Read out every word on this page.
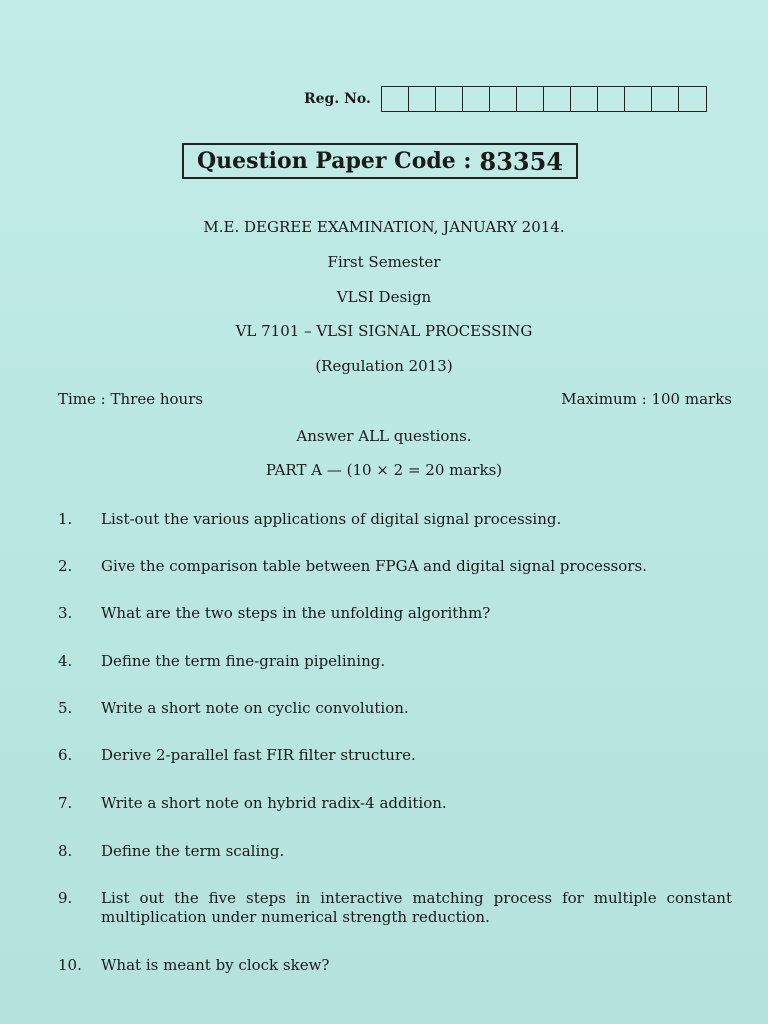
Reg. No.
Question Paper Code : 83354
M.E. DEGREE EXAMINATION, JANUARY 2014.
First Semester
VLSI Design
VL 7101 – VLSI SIGNAL PROCESSING
(Regulation 2013)
Time : Three hours	Maximum : 100 marks
Answer ALL questions.
PART A — (10 × 2 = 20 marks)
1.	List-out the various applications of digital signal processing.
2.	Give the comparison table between FPGA and digital signal processors.
3.	What are the two steps in the unfolding algorithm?
4.	Define the term fine-grain pipelining.
5.	Write a short note on cyclic convolution.
6.	Derive 2-parallel fast FIR filter structure.
7.	Write a short note on hybrid radix-4 addition.
8.	Define the term scaling.
9.	List out the five steps in interactive matching process for multiple constant multiplication under numerical strength reduction.
10.	What is meant by clock skew?
